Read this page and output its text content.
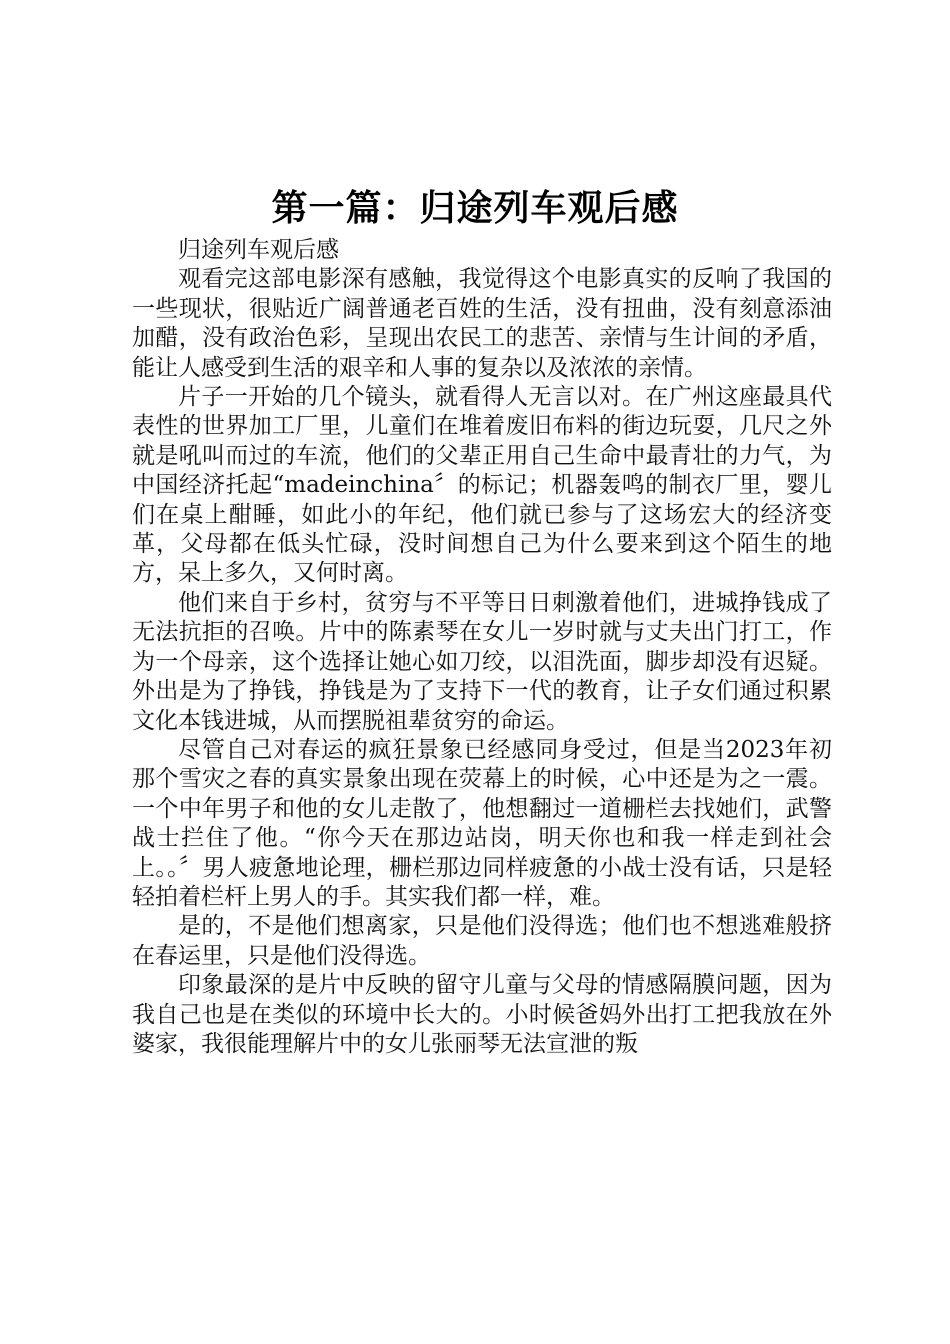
第一篇：归途列车观后感

归途列车观后感

观看完这部电影深有感触，我觉得这个电影真实的反响了我国的一些现状，很贴近广阔普通老百姓的生活，没有扭曲，没有刻意添油加醋，没有政治色彩，呈现出农民工的悲苦、亲情与生计间的矛盾，能让人感受到生活的艰辛和人事的复杂以及浓浓的亲情。

片子一开始的几个镜头，就看得人无言以对。在广州这座最具代表性的世界加工厂里，儿童们在堆着废旧布料的街边玩耍，几尺之外就是吼叫而过的车流，他们的父辈正用自己生命中最青壮的力气，为中国经济托起“madeinchina〞的标记；机器轰鸣的制衣厂里，婴儿们在桌上酣睡，如此小的年纪，他们就已参与了这场宏大的经济变革，父母都在低头忙碌，没时间想自己为什么要来到这个陌生的地方，呆上多久，又何时离。

他们来自于乡村，贫穷与不平等日日刺激着他们，进城挣钱成了无法抗拒的召唤。片中的陈素琴在女儿一岁时就与丈夫出门打工，作为一个母亲，这个选择让她心如刀绞，以泪洗面，脚步却没有迟疑。外出是为了挣钱，挣钱是为了支持下一代的教育，让子女们通过积累文化本钱进城，从而摆脱祖辈贫穷的命运。

尽管自己对春运的疯狂景象已经感同身受过，但是当2023年初那个雪灾之春的真实景象出现在荧幕上的时候，心中还是为之一震。一个中年男子和他的女儿走散了，他想翻过一道栅栏去找她们，武警战士拦住了他。“你今天在那边站岗，明天你也和我一样走到社会上。。〞男人疲惫地论理，栅栏那边同样疲惫的小战士没有话，只是轻轻拍着栏杆上男人的手。其实我们都一样，难。

是的，不是他们想离家，只是他们没得选；他们也不想逃难般挤在春运里，只是他们没得选。

印象最深的是片中反映的留守儿童与父母的情感隔膜问题，因为我自己也是在类似的环境中长大的。小时候爸妈外出打工把我放在外婆家，我很能理解片中的女儿张丽琴无法宣泄的叛
